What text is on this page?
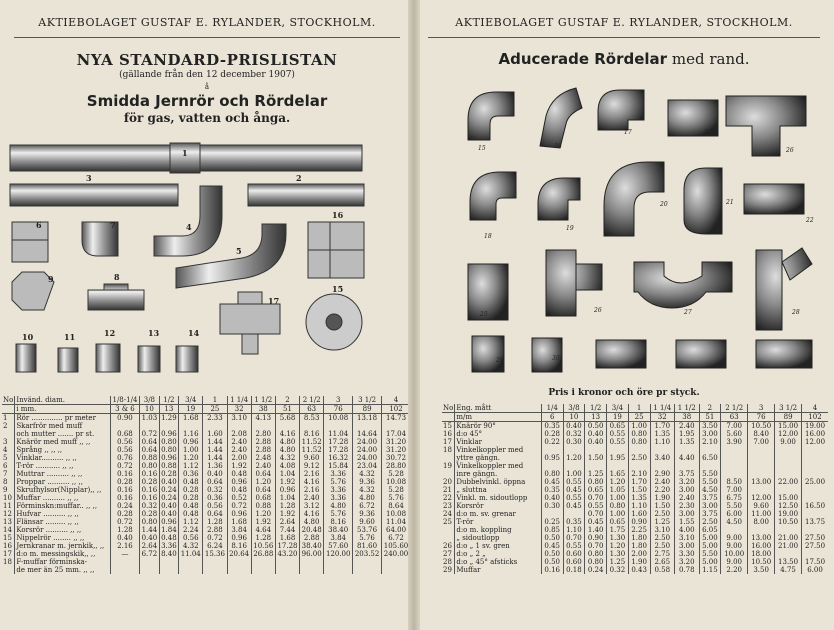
AKTIEBOLAGET GUSTAF E. RYLANDER, STOCKHOLM.
NYA STANDARD-PRISLISTAN
(gällande från den 12 december 1907)
å
Smidda Jernrör och Rördelar
för gas, vatten och ånga.
1
2
3
4
5
6	7
8
9
10	11	12	13	14
15
16
17
No	Invänd. diam.	1/8-1/4	3/8	1/2	3/4	1	1 1/4	1 1/2	2	2 1/2	3	3 1/2	4
	i mm.	3 & 6	10	13	19	25	32	38	51	63	76	89	102
1	Rör .............. pr meter	0.90	1.03	1.29	1.68	2.33	3.10	4.13	5.68	8.53	10.08	13.18	14.73
2	Skarfrör med muff												
	och mutter ....... pr st.	0.68	0.72	0.96	1.16	1.60	2.08	2.80	4.16	8.16	11.04	14.64	17.04
3	Knärör med muff ,, ,,	0.56	0.64	0.80	0.96	1.44	2.40	2.88	4.80	11.52	17.28	24.00	31.20
4	Språng ,, ,, ,,	0.56	0.64	0.80	1.00	1.44	2.40	2.88	4.80	11.52	17.28	24.00	31.20
5	Vinklar.......... ,, ,,	0.76	0.88	0.96	1.20	1.44	2.00	2.48	4.32	9.60	16.32	24.00	30.72
6	T-rör ........... ,, ,,	0.72	0.80	0.88	1.12	1.36	1.92	2.40	4.08	9.12	15.84	23.04	28.80
7	Muttrar .......... ,, ,,	0.16	0.16	0.28	0.36	0.40	0.48	0.64	1.04	2.16	3.36	4.32	5.28
8	Proppar .......... ,, ,,	0.28	0.28	0.40	0.48	0.64	0.96	1.20	1.92	4.16	5.76	9.36	10.08
9	Skrufhylsor(Nipplar),, ,,	0.16	0.16	0.24	0.28	0.32	0.48	0.64	0.96	2.16	3.36	4.32	5.28
10	Muffar .......... ,, ,,	0.16	0.16	0.24	0.28	0.36	0.52	0.68	1.04	2.40	3.36	4.80	5.76
11	Förminskn:muffar.. ,, ,,	0.24	0.32	0.40	0.48	0.56	0.72	0.88	1.28	3.12	4.80	6.72	8.64
12	Hufvar .......... ,, ,,	0.28	0.28	0.40	0.48	0.64	0.96	1.20	1.92	4.16	5.76	9.36	10.08
13	Flänsar ......... ,, ,,	0.72	0.80	0.96	1.12	1.28	1.68	1.92	2.64	4.80	8.16	9.60	11.04
14	Korsrör .......... ,, ,,	1.28	1.44	1.84	2.24	2.88	3.84	4.64	7.44	20.48	38.40	53.76	64.00
15	Nippelrör ........ ,, ,,	0.40	0.40	0.48	0.56	0.72	0.96	1.28	1.68	2.88	3.84	5.76	6.72
16	Jernkranar m. jernkik,, ,,	2.16	2.64	3.36	4.32	6.24	8.16	10.56	17.28	38.40	57.60	81.60	105.60
17	d:o m. messingskik,, ,,	—	6.72	8.40	11.04	15.36	20.64	26.88	43.20	96.00	120.00	203.52	240.00
18	F-muffar förminska-												
	de mer än 25 mm. ,, ,,												
AKTIEBOLAGET GUSTAF E. RYLANDER, STOCKHOLM.
Aducerade Rördelar med rand.
15	16
17	24
26
18
19
20	21
22
25
26	27	28
29	30
Pris i kronor och öre pr styck.
No	Eng. mått	1/4	3/8	1/2	3/4	1	1 1/4	1 1/2	2	2 1/2	3	3 1/2	4
	m/m	6	10	13	19	25	32	38	51	63	76	89	102
15	Knärör 90°	0.35	0.40	0.50	0.65	1.00	1.70	2.40	3.50	7.00	10.50	15.00	19.00
16	d:o 45°	0.28	0.32	0.40	0.55	0.80	1.35	1.95	3.00	5.60	8.40	12.00	16.00
17	Vinklar	0.22	0.30	0.40	0.55	0.80	1.10	1.35	2.10	3.90	7.00	9.00	12.00
18	Vinkelkoppler med												
	yttre gängn.	0.95	1.20	1.50	1.95	2.50	3.40	4.40	6.50				
19	Vinkelkoppler med												
	inre gängn.	0.80	1.00	1.25	1.65	2.10	2.90	3.75	5.50				
20	Dubbelvinkl. öppna	0.45	0.55	0.80	1.20	1.70	2.40	3.20	5.50	8.50	13.00	22.00	25.00
21	„ sluttna	0.35	0.45	0.65	1.05	1.50	2.20	3.00	4.50	7.00			
22	Vinkl. m. sidoutlopp	0.40	0.55	0.70	1.00	1.35	1.90	2.40	3.75	6.75	12.00	15.00	
23	Korsrör	0.30	0.45	0.55	0.80	1.10	1.50	2.30	3.00	5.50	9.60	12.50	16.50
24	d:o m. sv. grenar			0.70	1.00	1.60	2.50	3.00	3.75	6.00	11.00	19.00	
25	T-rör	0.25	0.35	0.45	0.65	0.90	1.25	1.55	2.50	4.50	8.00	10.50	13.75
	d:o m. koppling	0.85	1.10	1.40	1.75	2.25	3.10	4.00	6.05				
	„ sidoutlopp	0.50	0.70	0.90	1.30	1.80	2.50	3.10	5.00	9.00	13.00	21.00	27.50
26	d:o „ 1 sv. gren	0.45	0.55	0.70	1.20	1.80	2.50	3.00	5.00	9.00	16.00	21.00	27.50
27	d:o „ 2 „	0.50	0.60	0.80	1.30	2.00	2.75	3.30	5.50	10.00	18.00		
28	d:o „ 45° afsticks	0.50	0.60	0.80	1.25	1.90	2.65	3.20	5.00	9.00	10.50	13.50	17.50
29	Muffar	0.16	0.18	0.24	0.32	0.43	0.58	0.78	1.15	2.20	3.50	4.75	6.00
